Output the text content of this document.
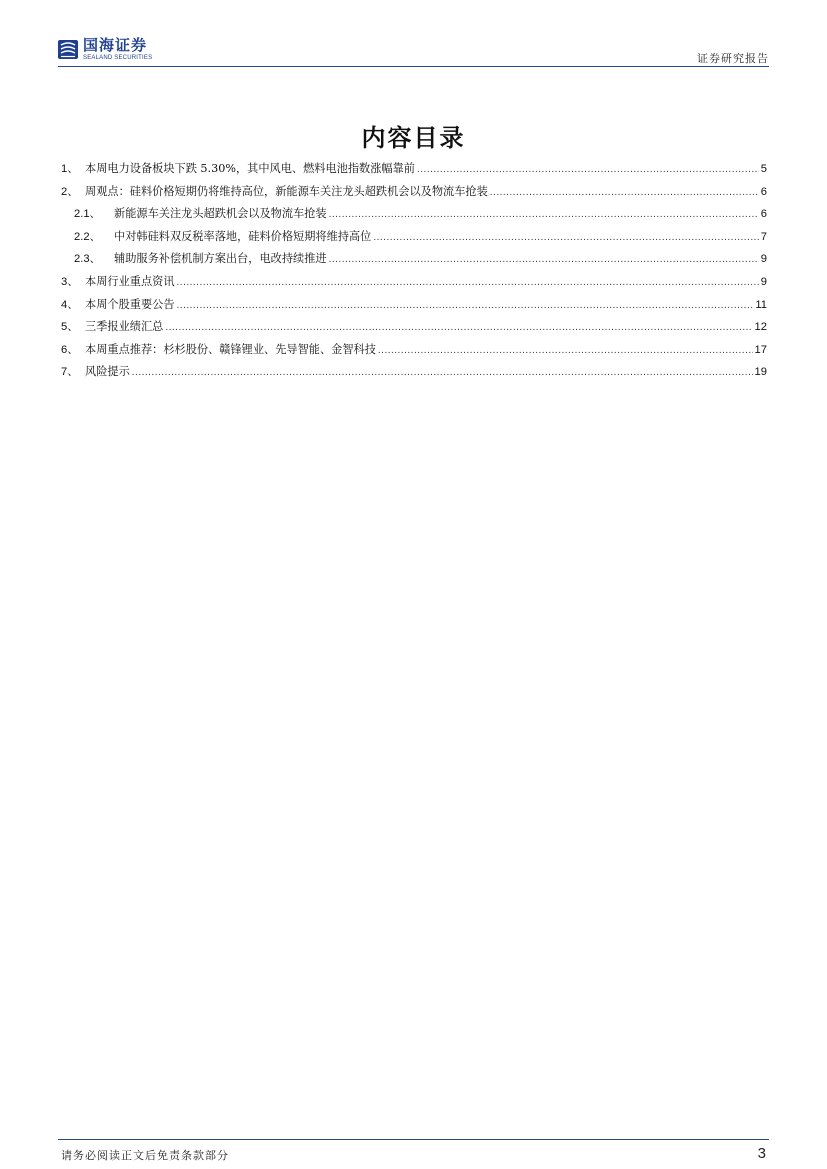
国海证券
SEALAND SECURITIES	证券研究报告
内容目录
1、 本周电力设备板块下跌 5.30%，其中风电、燃料电池指数涨幅靠前 .....	5
2、 周观点：硅料价格短期仍将维持高位，新能源车关注龙头超跌机会以及物流车抢装 .....	6
2.1、	新能源车关注龙头超跌机会以及物流车抢装 .....	6
2.2、	中对韩硅料双反税率落地，硅料价格短期将维持高位 .....	7
2.3、	辅助服务补偿机制方案出台，电改持续推进 .....	9
3、 本周行业重点资讯 .....	9
4、 本周个股重要公告 .....	11
5、 三季报业绩汇总 .....	12
6、 本周重点推荐：杉杉股份、赣锋锂业、先导智能、金智科技 .....	17
7、 风险提示 .....	19
请务必阅读正文后免责条款部分	3
